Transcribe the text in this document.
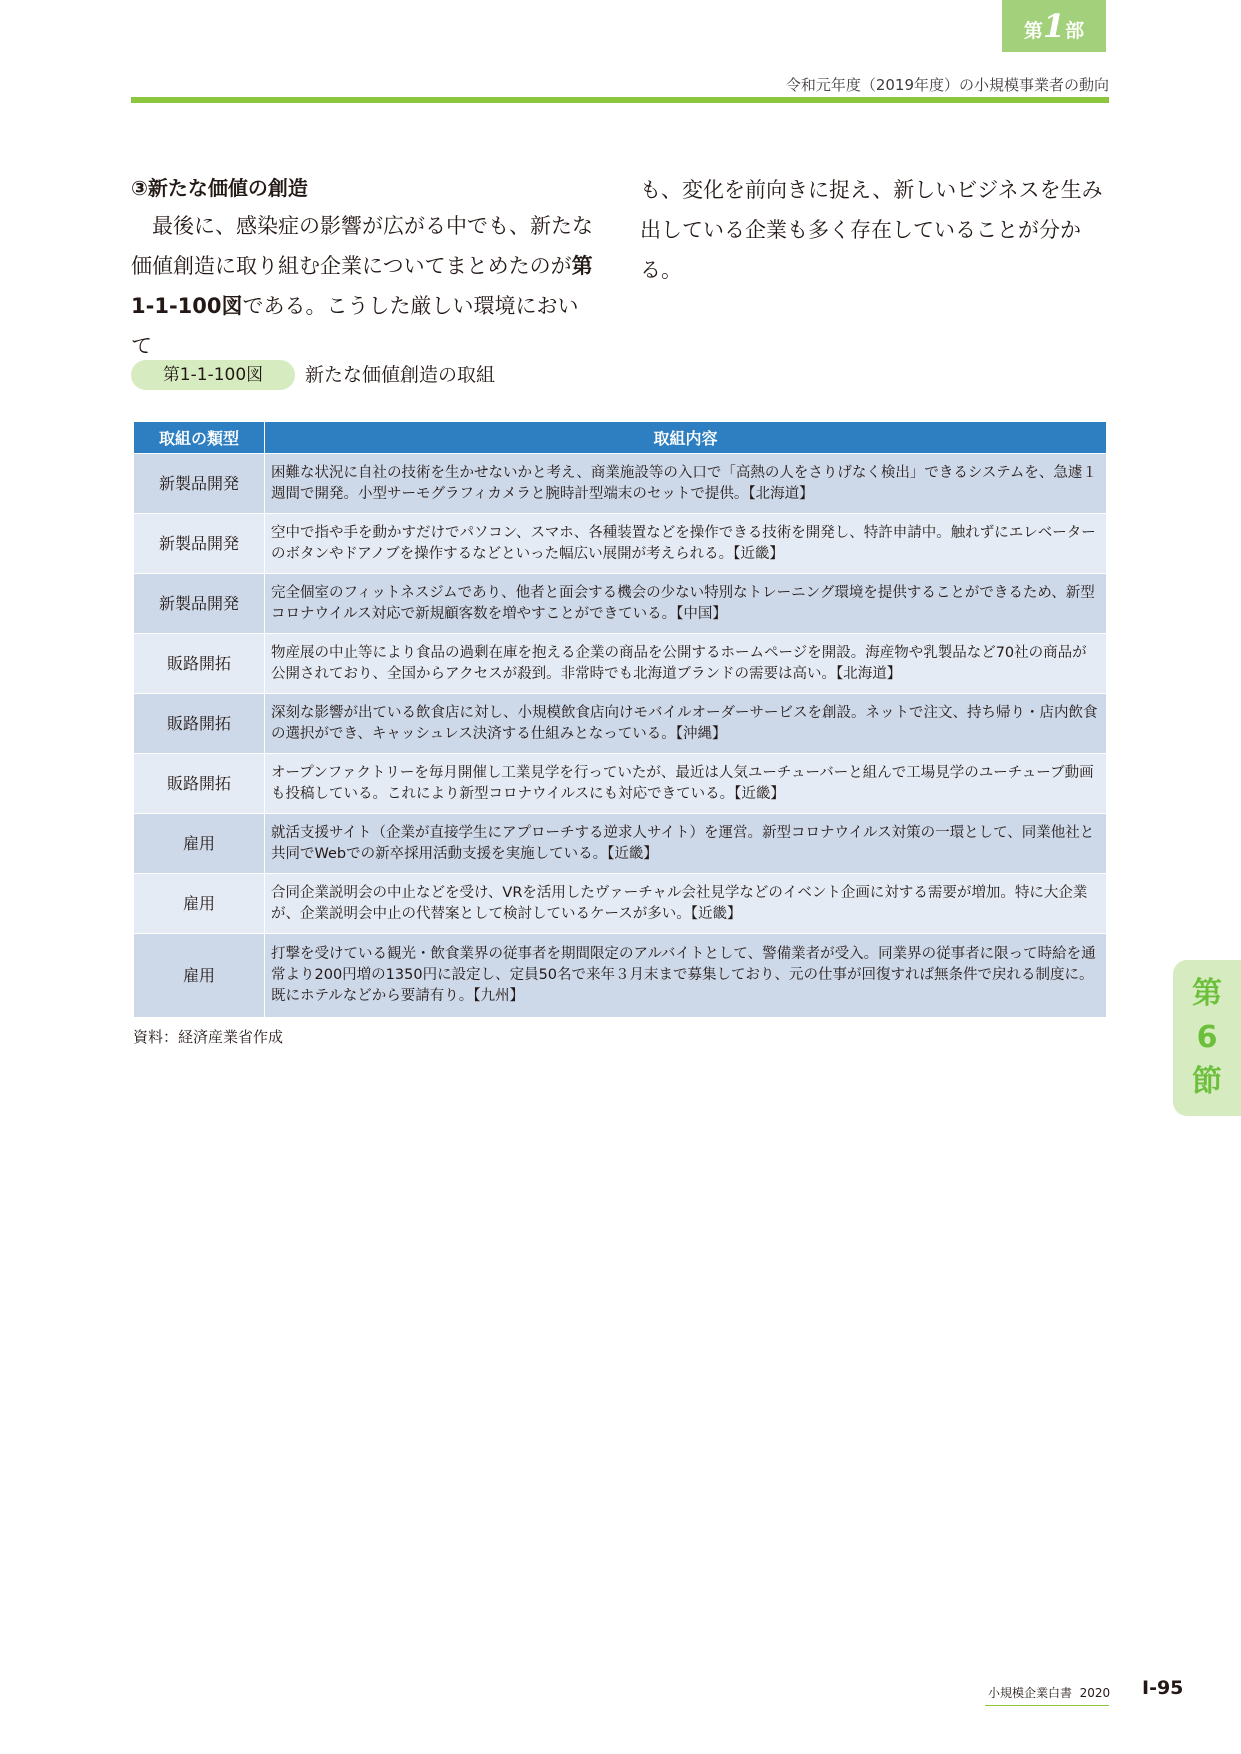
第1部
令和元年度（2019年度）の小規模事業者の動向
③新たな価値の創造

最後に、感染症の影響が広がる中でも、新たな価値創造に取り組む企業についてまとめたのが第1-1-100図である。こうした厳しい環境において

も、変化を前向きに捉え、新しいビジネスを生み出している企業も多く存在していることが分かる。

第1-1-100図	新たな価値創造の取組
取組の類型	取組内容
新製品開発	困難な状況に自社の技術を生かせないかと考え、商業施設等の入口で「高熱の人をさりげなく検出」できるシステムを、急遽１週間で開発。小型サーモグラフィカメラと腕時計型端末のセットで提供。【北海道】
新製品開発	空中で指や手を動かすだけでパソコン、スマホ、各種装置などを操作できる技術を開発し、特許申請中。触れずにエレベーターのボタンやドアノブを操作するなどといった幅広い展開が考えられる。【近畿】
新製品開発	完全個室のフィットネスジムであり、他者と面会する機会の少ない特別なトレーニング環境を提供することができるため、新型コロナウイルス対応で新規顧客数を増やすことができている。【中国】
販路開拓	物産展の中止等により食品の過剰在庫を抱える企業の商品を公開するホームページを開設。海産物や乳製品など70社の商品が公開されており、全国からアクセスが殺到。非常時でも北海道ブランドの需要は高い。【北海道】
販路開拓	深刻な影響が出ている飲食店に対し、小規模飲食店向けモバイルオーダーサービスを創設。ネットで注文、持ち帰り・店内飲食の選択ができ、キャッシュレス決済する仕組みとなっている。【沖縄】
販路開拓	オープンファクトリーを毎月開催し工業見学を行っていたが、最近は人気ユーチューバーと組んで工場見学のユーチューブ動画も投稿している。これにより新型コロナウイルスにも対応できている。【近畿】
雇用	就活支援サイト（企業が直接学生にアプローチする逆求人サイト）を運営。新型コロナウイルス対策の一環として、同業他社と共同でWebでの新卒採用活動支援を実施している。【近畿】
雇用	合同企業説明会の中止などを受け、VRを活用したヴァーチャル会社見学などのイベント企画に対する需要が増加。特に大企業が、企業説明会中止の代替案として検討しているケースが多い。【近畿】
雇用	打撃を受けている観光・飲食業界の従事者を期間限定のアルバイトとして、警備業者が受入。同業界の従事者に限って時給を通常より200円増の1350円に設定し、定員50名で来年３月末まで募集しており、元の仕事が回復すれば無条件で戻れる制度に。既にホテルなどから要請有り。【九州】
資料：経済産業省作成
第
6
節
小規模企業白書 2020 Ⅰ-95
